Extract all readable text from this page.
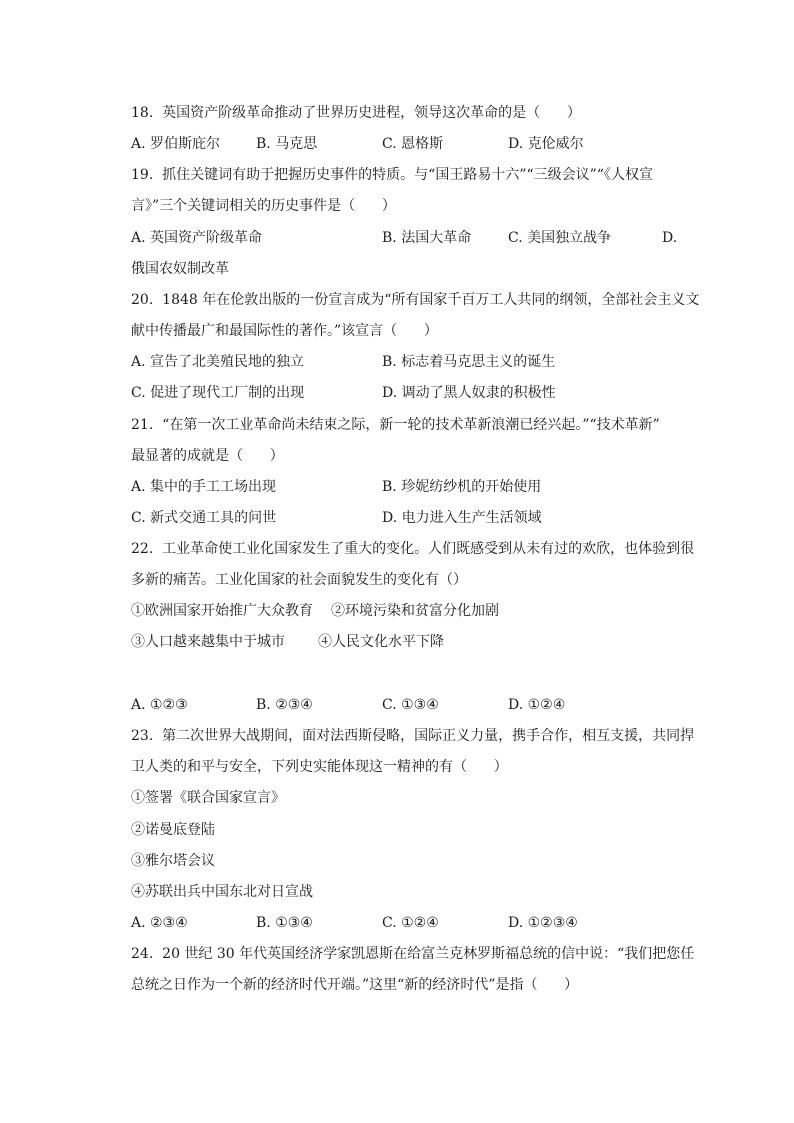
18.  英国资产阶级革命推动了世界历史进程，领导这次革命的是（      ）
A. 罗伯斯庇尔	B. 马克思	C. 恩格斯	D. 克伦威尔
19.  抓住关键词有助于把握历史事件的特质。与“国王路易十六”“三级会议”“《人权宣
言》”三个关键词相关的历史事件是（      ）
A. 英国资产阶级革命	B. 法国大革命	C. 美国独立战争	D.
俄国农奴制改革
20.  1848 年在伦敦出版的一份宣言成为“所有国家千百万工人共同的纲领，全部社会主义文
献中传播最广和最国际性的著作。”该宣言（      ）
A. 宣告了北美殖民地的独立	B. 标志着马克思主义的诞生
C. 促进了现代工厂制的出现	D. 调动了黑人奴隶的积极性
21.  “在第一次工业革命尚未结束之际，新一轮的技术革新浪潮已经兴起。”“技术革新”
最显著的成就是（      ）
A. 集中的手工工场出现	B. 珍妮纺纱机的开始使用
C. 新式交通工具的问世	D. 电力进入生产生活领域
22.  工业革命使工业化国家发生了重大的变化。人们既感受到从未有过的欢欣，也体验到很
多新的痛苦。工业化国家的社会面貌发生的变化有（）
①欧洲国家开始推广大众教育 ②环境污染和贫富分化加剧
③人口越来越集中于城市 ④人民文化水平下降
A. ①②③	B. ②③④	C. ①③④	D. ①②④
23.  第二次世界大战期间，面对法西斯侵略，国际正义力量，携手合作，相互支援，共同捍
卫人类的和平与安全，下列史实能体现这一精神的有（      ）
①签署《联合国家宣言》
②诺曼底登陆
③雅尔塔会议
④苏联出兵中国东北对日宣战
A. ②③④	B. ①③④	C. ①②④	D. ①②③④
24.  20 世纪 30 年代英国经济学家凯恩斯在给富兰克林罗斯福总统的信中说：“我们把您任
总统之日作为一个新的经济时代开端。”这里“新的经济时代”是指（      ）
